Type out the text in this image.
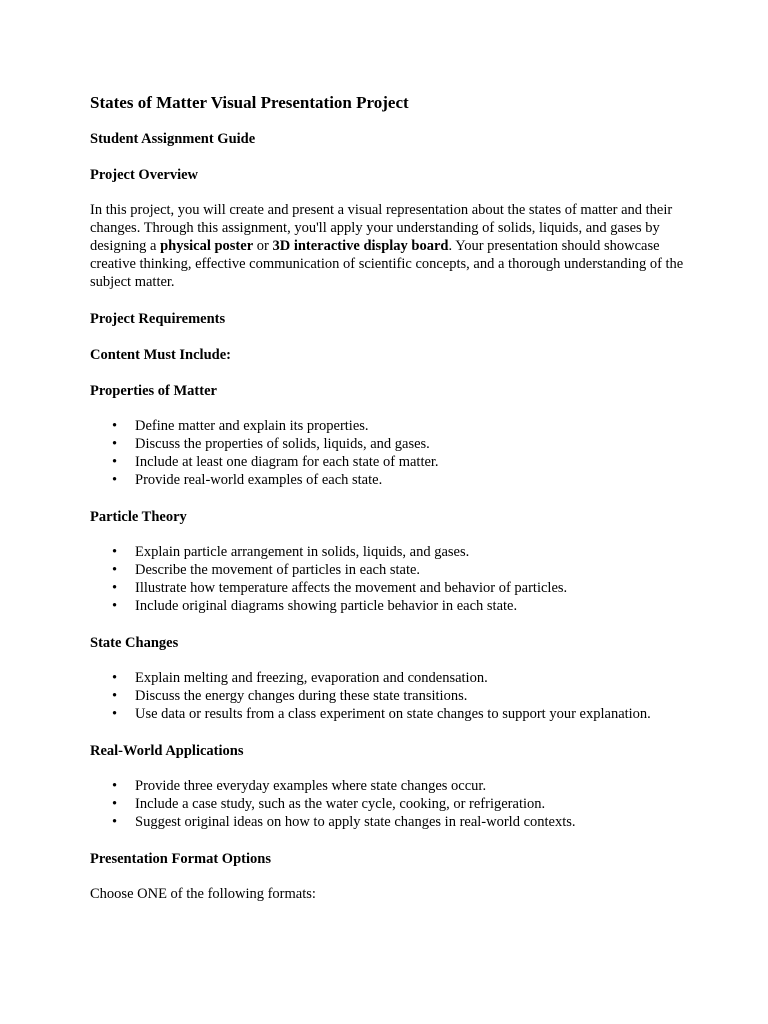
States of Matter Visual Presentation Project
Student Assignment Guide
Project Overview

In this project, you will create and present a visual representation about the states of matter and their changes. Through this assignment, you'll apply your understanding of solids, liquids, and gases by designing a physical poster or 3D interactive display board. Your presentation should showcase creative thinking, effective communication of scientific concepts, and a thorough understanding of the subject matter.

Project Requirements
Content Must Include:
Properties of Matter
• Define matter and explain its properties.
• Discuss the properties of solids, liquids, and gases.
• Include at least one diagram for each state of matter.
• Provide real-world examples of each state.
Particle Theory
• Explain particle arrangement in solids, liquids, and gases.
• Describe the movement of particles in each state.
• Illustrate how temperature affects the movement and behavior of particles.
• Include original diagrams showing particle behavior in each state.
State Changes
• Explain melting and freezing, evaporation and condensation.
• Discuss the energy changes during these state transitions.
• Use data or results from a class experiment on state changes to support your explanation.
Real-World Applications
• Provide three everyday examples where state changes occur.
• Include a case study, such as the water cycle, cooking, or refrigeration.
• Suggest original ideas on how to apply state changes in real-world contexts.
Presentation Format Options

Choose ONE of the following formats:
